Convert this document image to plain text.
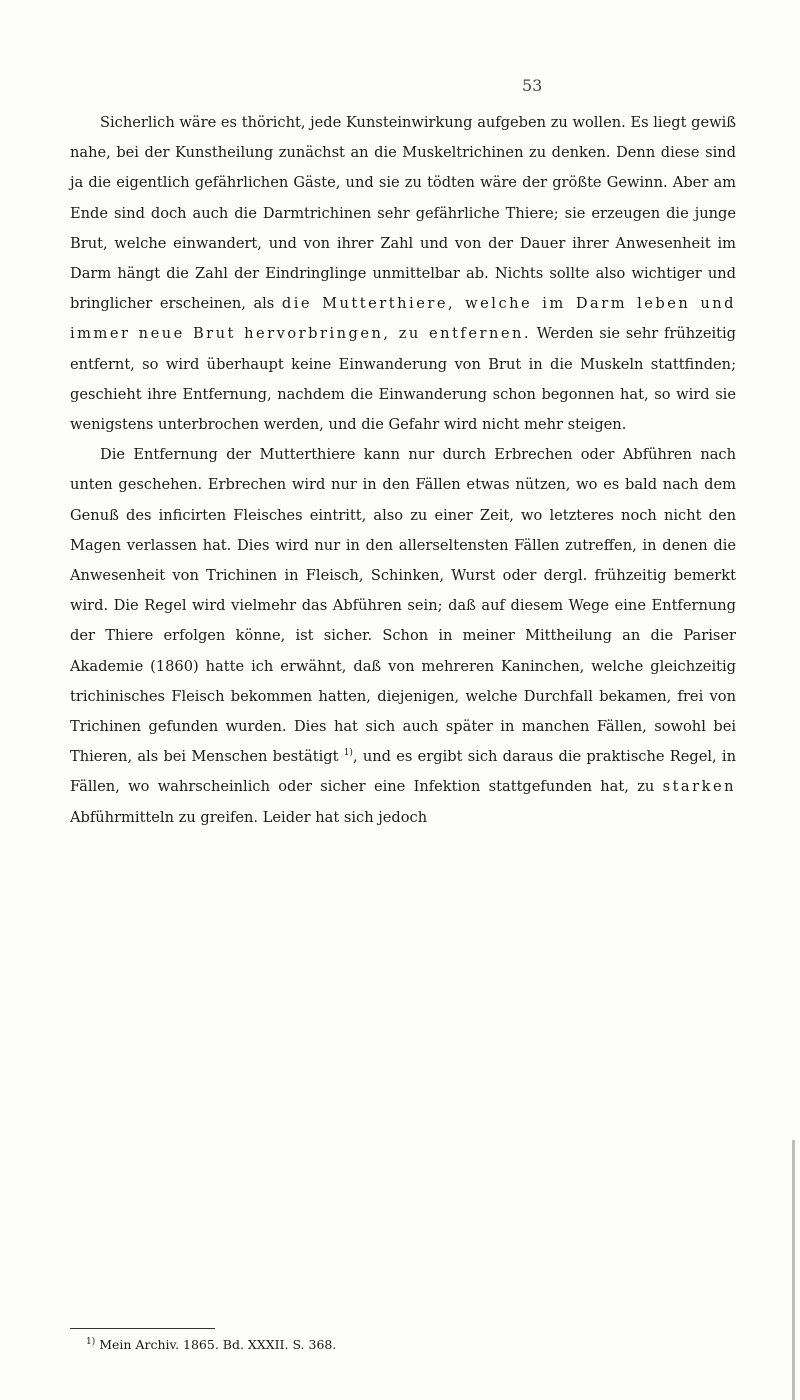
53

Sicherlich wäre es thöricht, jede Kunsteinwirkung aufgeben zu wollen. Es liegt gewiß nahe, bei der Kunstheilung zunächst an die Muskeltrichinen zu denken. Denn diese sind ja die eigentlich gefährlichen Gäste, und sie zu tödten wäre der größte Gewinn. Aber am Ende sind doch auch die Darmtrichinen sehr gefährliche Thiere; sie erzeugen die junge Brut, welche einwandert, und von ihrer Zahl und von der Dauer ihrer Anwesenheit im Darm hängt die Zahl der Eindringlinge unmittelbar ab. Nichts sollte also wichtiger und bringlicher erscheinen, als die Mutterthiere, welche im Darm leben und immer neue Brut hervorbringen, zu entfernen. Werden sie sehr frühzeitig entfernt, so wird überhaupt keine Einwanderung von Brut in die Muskeln stattfinden; geschieht ihre Entfernung, nachdem die Einwanderung schon begonnen hat, so wird sie wenigstens unterbrochen werden, und die Gefahr wird nicht mehr steigen.

Die Entfernung der Mutterthiere kann nur durch Erbrechen oder Abführen nach unten geschehen. Erbrechen wird nur in den Fällen etwas nützen, wo es bald nach dem Genuß des inficirten Fleisches eintritt, also zu einer Zeit, wo letzteres noch nicht den Magen verlassen hat. Dies wird nur in den allerseltensten Fällen zutreffen, in denen die Anwesenheit von Trichinen in Fleisch, Schinken, Wurst oder dergl. frühzeitig bemerkt wird. Die Regel wird vielmehr das Abführen sein; daß auf diesem Wege eine Entfernung der Thiere erfolgen könne, ist sicher. Schon in meiner Mittheilung an die Pariser Akademie (1860) hatte ich erwähnt, daß von mehreren Kaninchen, welche gleichzeitig trichinisches Fleisch bekommen hatten, diejenigen, welche Durchfall bekamen, frei von Trichinen gefunden wurden. Dies hat sich auch später in manchen Fällen, sowohl bei Thieren, als bei Menschen bestätigt $^{1)}$, und es ergibt sich daraus die praktische Regel, in Fällen, wo wahrscheinlich oder sicher eine Infektion stattgefunden hat, zu starken Abführmitteln zu greifen. Leider hat sich jedoch

$^{1)}$ Mein Archiv. 1865. Bd. XXXII. S. 368.
